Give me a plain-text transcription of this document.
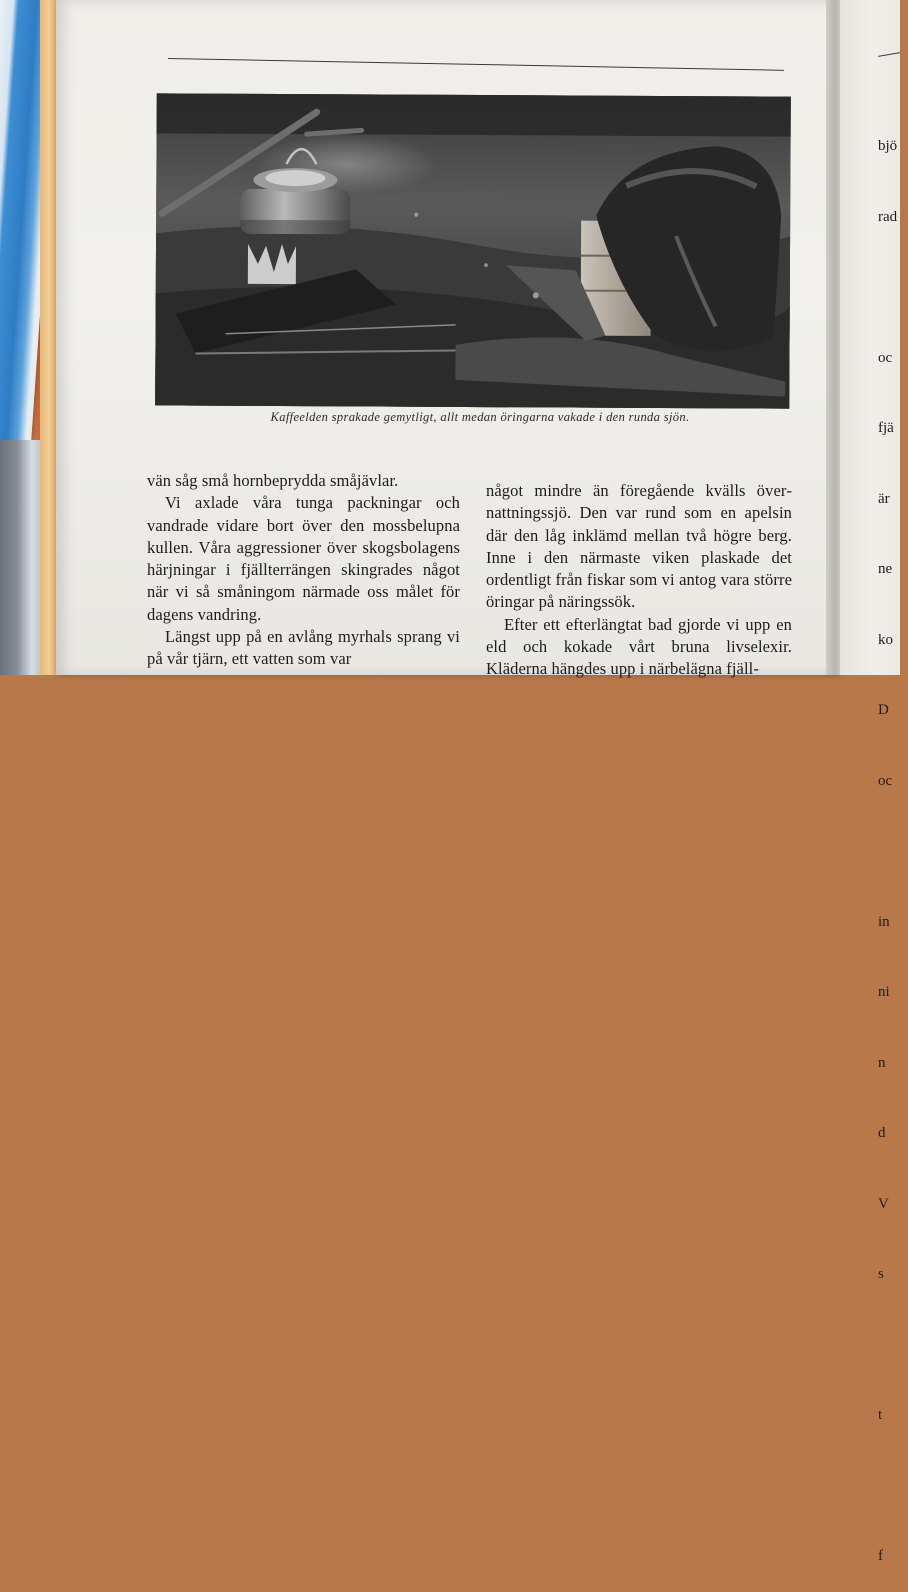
Kaffeelden sprakade gemytligt, allt medan öringarna vakade i den runda sjön.

vän såg små hornbeprydda småjävlar.

Vi axlade våra tunga packningar och vandrade vidare bort över den mossbelupna kullen. Våra aggressioner över skogsbolagens härjningar i fjällterrängen skingrades något när vi så småningom närmade oss målet för dagens vandring.

Längst upp på en avlång myrhals sprang vi på vår tjärn, ett vatten som var

något mindre än föregående kvälls övernattningssjö. Den var rund som en apelsin där den låg inklämd mellan två högre berg. Inne i den närmaste viken plaskade det ordentligt från fiskar som vi antog vara större öringar på näringssök.

Efter ett efterlängtat bad gjorde vi upp en eld och kokade vårt bruna livselexir. Kläderna hängdes upp i närbelägna fjäll-

bjö

rad

oc

fjä

är

ne

ko

D

oc

in

ni

n

d

V

s

t

f
